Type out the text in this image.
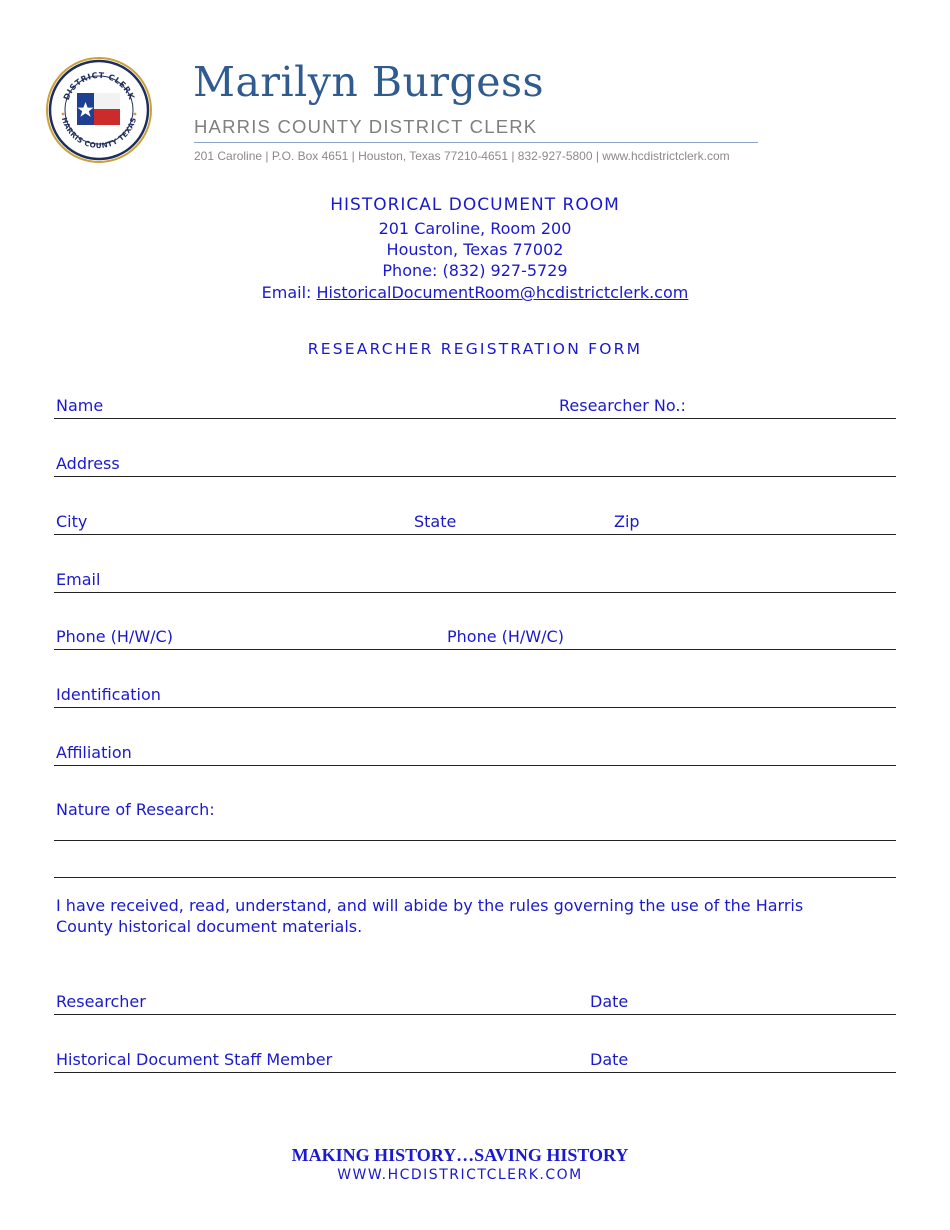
DISTRICT CLERK
HARRIS COUNTY TEXAS
Marilyn Burgess
HARRIS COUNTY DISTRICT CLERK
201 Caroline | P.O. Box 4651 | Houston, Texas 77210-4651 | 832-927-5800 | www.hcdistrictclerk.com
HISTORICAL DOCUMENT ROOM
201 Caroline, Room 200
Houston, Texas 77002
Phone: (832) 927-5729
Email: HistoricalDocumentRoom@hcdistrictclerk.com
RESEARCHER REGISTRATION FORM
Name	Researcher No.:
Address
City	State	Zip
Email
Phone (H/W/C)	Phone (H/W/C)
Identification
Affiliation
Nature of Research:
I have received, read, understand, and will abide by the rules governing the use of the Harris County historical document materials.
Researcher	Date
Historical Document Staff Member	Date
MAKING HISTORY…SAVING HISTORY
WWW.HCDISTRICTCLERK.COM
